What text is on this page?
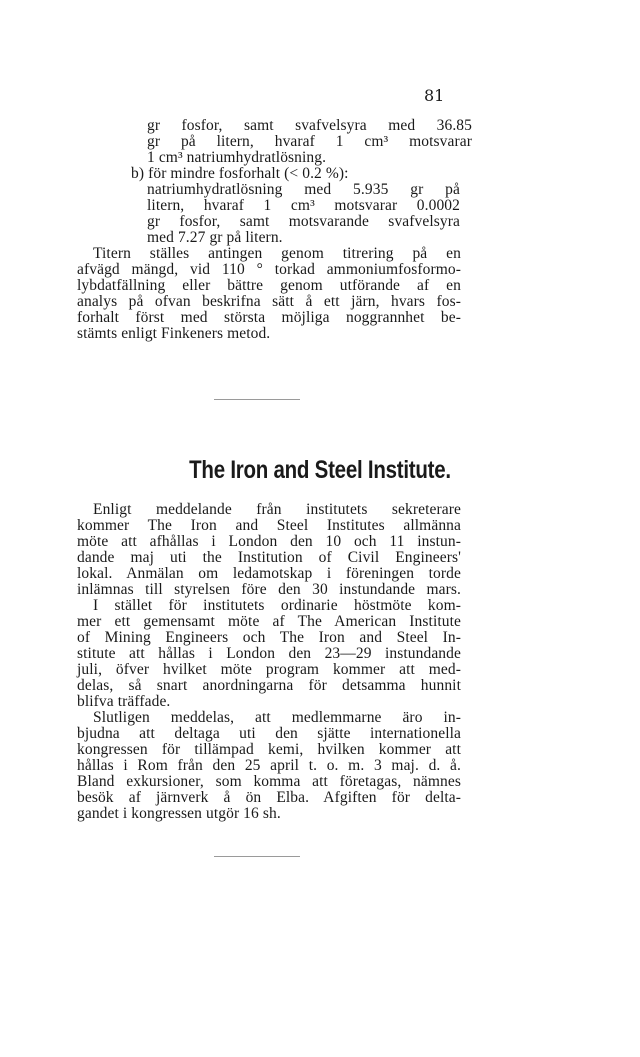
81
gr fosfor, samt svafvelsyra med 36.85
gr på litern, hvaraf 1 cm³ motsvarar
1 cm³ natriumhydratlösning.
b) för mindre fosforhalt (< 0.2 %):
natriumhydratlösning med 5.935 gr på
litern, hvaraf 1 cm³ motsvarar 0.0002
gr fosfor, samt motsvarande svafvelsyra
med 7.27 gr på litern.
Titern ställes antingen genom titrering på en
afvägd mängd, vid 110 ° torkad ammoniumfosformo-
lybdatfällning eller bättre genom utförande af en
analys på ofvan beskrifna sätt å ett järn, hvars fos-
forhalt först med största möjliga noggrannhet be-
stämts enligt Finkeners metod.
The Iron and Steel Institute.
Enligt meddelande från institutets sekreterare
kommer The Iron and Steel Institutes allmänna
möte att afhållas i London den 10 och 11 instun-
dande maj uti the Institution of Civil Engineers'
lokal. Anmälan om ledamotskap i föreningen torde
inlämnas till styrelsen före den 30 instundande mars.
I stället för institutets ordinarie höstmöte kom-
mer ett gemensamt möte af The American Institute
of Mining Engineers och The Iron and Steel In-
stitute att hållas i London den 23—29 instundande
juli, öfver hvilket möte program kommer att med-
delas, så snart anordningarna för detsamma hunnit
blifva träffade.
Slutligen meddelas, att medlemmarne äro in-
bjudna att deltaga uti den sjätte internationella
kongressen för tillämpad kemi, hvilken kommer att
hållas i Rom från den 25 april t. o. m. 3 maj. d. å.
Bland exkursioner, som komma att företagas, nämnes
besök af järnverk å ön Elba. Afgiften för delta-
gandet i kongressen utgör 16 sh.
